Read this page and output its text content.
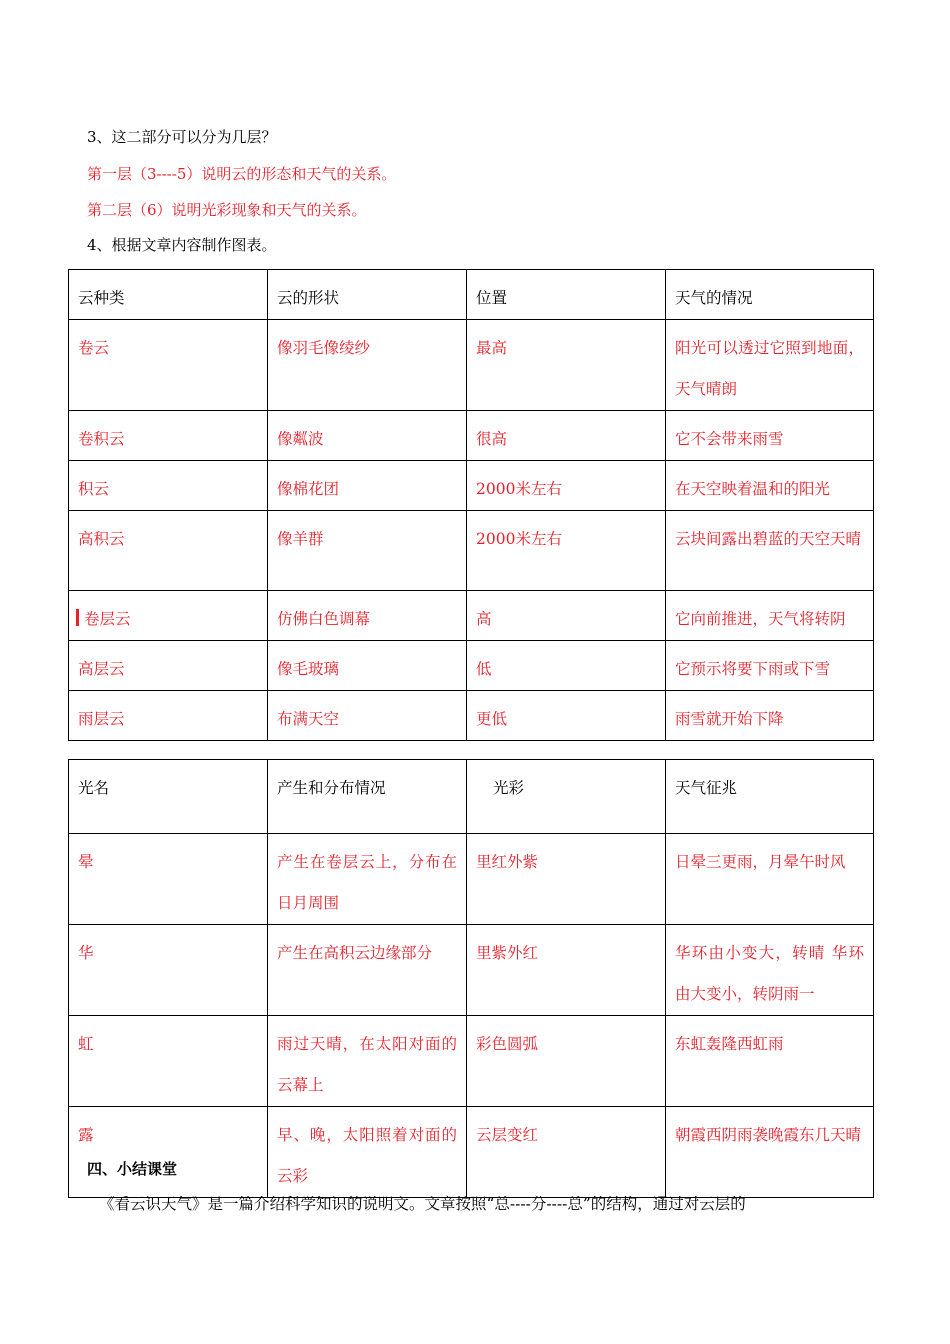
3、这二部分可以分为几层？
第一层（3----5）说明云的形态和天气的关系。
第二层（6）说明光彩现象和天气的关系。
4、根据文章内容制作图表。
云种类	云的形状	位置	天气的情况
卷云	像羽毛像绫纱	最高	阳光可以透过它照到地面，天气晴朗
卷积云	像粼波	很高	它不会带来雨雪
积云	像棉花团	2000米左右	在天空映着温和的阳光
高积云	像羊群	2000米左右	云块间露出碧蓝的天空天晴
卷层云	仿佛白色调幕	高	它向前推进，天气将转阴
高层云	像毛玻璃	低	它预示将要下雨或下雪
雨层云	布满天空	更低	雨雪就开始下降
光名	产生和分布情况	光彩	天气征兆
晕	产生在卷层云上，分布在日月周围	里红外紫	日晕三更雨，月晕午时风
华	产生在高积云边缘部分	里紫外红	华环由小变大，转晴 华环由大变小，转阴雨一
虹	雨过天晴，在太阳对面的云幕上	彩色圆弧	东虹轰隆西虹雨
露	早、晚，太阳照着对面的云彩	云层变红	朝霞西阴雨袭晚霞东几天晴
四、小结课堂
《看云识天气》是一篇介绍科学知识的说明文。文章按照“总----分----总”的结构，通过对云层的
